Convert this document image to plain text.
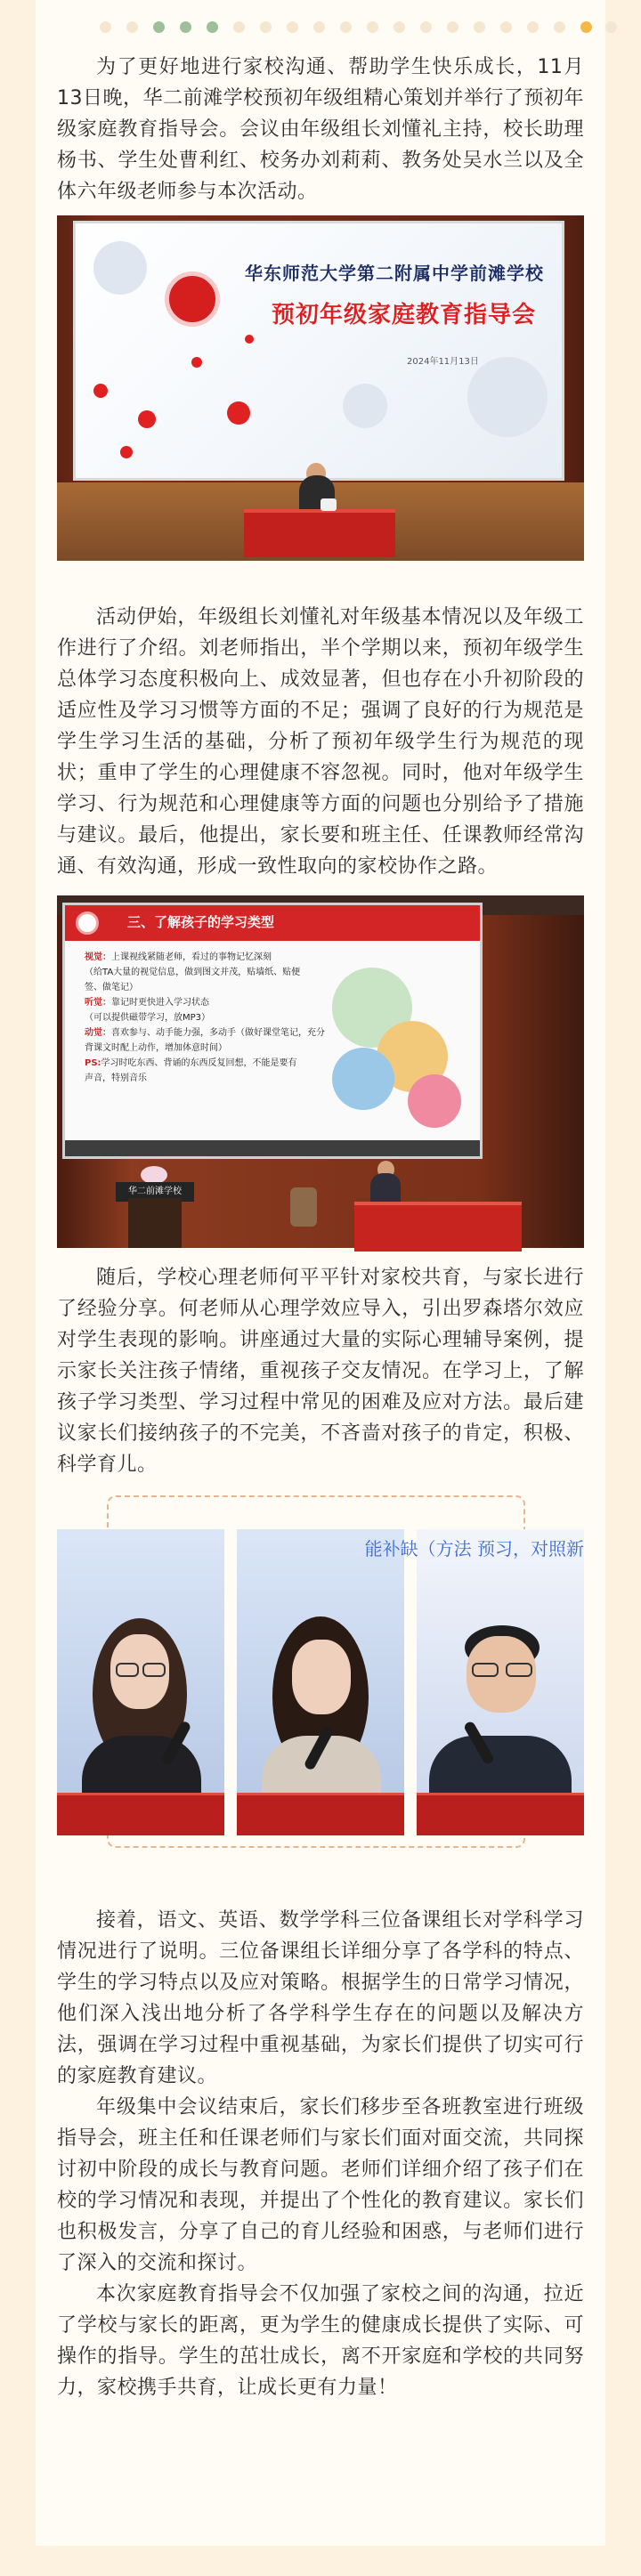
为了更好地进行家校沟通、帮助学生快乐成长，11月13日晚，华二前滩学校预初年级组精心策划并举行了预初年级家庭教育指导会。会议由年级组长刘懂礼主持，校长助理杨书、学生处曹利红、校务办刘莉莉、教务处吴水兰以及全体六年级老师参与本次活动。

华东师范大学第二附属中学前滩学校
预初年级家庭教育指导会
2024年11月13日

活动伊始，年级组长刘懂礼对年级基本情况以及年级工作进行了介绍。刘老师指出，半个学期以来，预初年级学生总体学习态度积极向上、成效显著，但也存在小升初阶段的适应性及学习习惯等方面的不足；强调了良好的行为规范是学生学习生活的基础，分析了预初年级学生行为规范的现状；重申了学生的心理健康不容忽视。同时，他对年级学生学习、行为规范和心理健康等方面的问题也分别给予了措施与建议。最后，他提出，家长要和班主任、任课教师经常沟通、有效沟通，形成一致性取向的家校协作之路。

三、了解孩子的学习类型
视觉：上课视线紧随老师，看过的事物记忆深刻
（给TA大量的视觉信息，做到图文并茂，贴墙纸、贴便
签、做笔记）
听觉：靠记时更快进入学习状态
（可以提供磁带学习，放MP3）
动觉：喜欢参与、动手能力强，多动手（做好课堂笔记，充分
背课文时配上动作，增加体意时间）
PS:学习时吃东西、背诵的东西反复回想，不能是要有
声音，特别音乐
华二前滩学校

随后，学校心理老师何平平针对家校共育，与家长进行了经验分享。何老师从心理学效应导入，引出罗森塔尔效应对学生表现的影响。讲座通过大量的实际心理辅导案例，提示家长关注孩子情绪，重视孩子交友情况。在学习上，了解孩子学习类型、学习过程中常见的困难及应对方法。最后建议家长们接纳孩子的不完美，不吝啬对孩子的肯定，积极、科学育儿。

能补缺（方法 预习，对照新

接着，语文、英语、数学学科三位备课组长对学科学习情况进行了说明。三位备课组长详细分享了各学科的特点、学生的学习特点以及应对策略。根据学生的日常学习情况，他们深入浅出地分析了各学科学生存在的问题以及解决方法，强调在学习过程中重视基础，为家长们提供了切实可行的家庭教育建议。

年级集中会议结束后，家长们移步至各班教室进行班级指导会，班主任和任课老师们与家长们面对面交流，共同探讨初中阶段的成长与教育问题。老师们详细介绍了孩子们在校的学习情况和表现，并提出了个性化的教育建议。家长们也积极发言，分享了自己的育儿经验和困惑，与老师们进行了深入的交流和探讨。

本次家庭教育指导会不仅加强了家校之间的沟通，拉近了学校与家长的距离，更为学生的健康成长提供了实际、可操作的指导。学生的茁壮成长，离不开家庭和学校的共同努力，家校携手共育，让成长更有力量！
